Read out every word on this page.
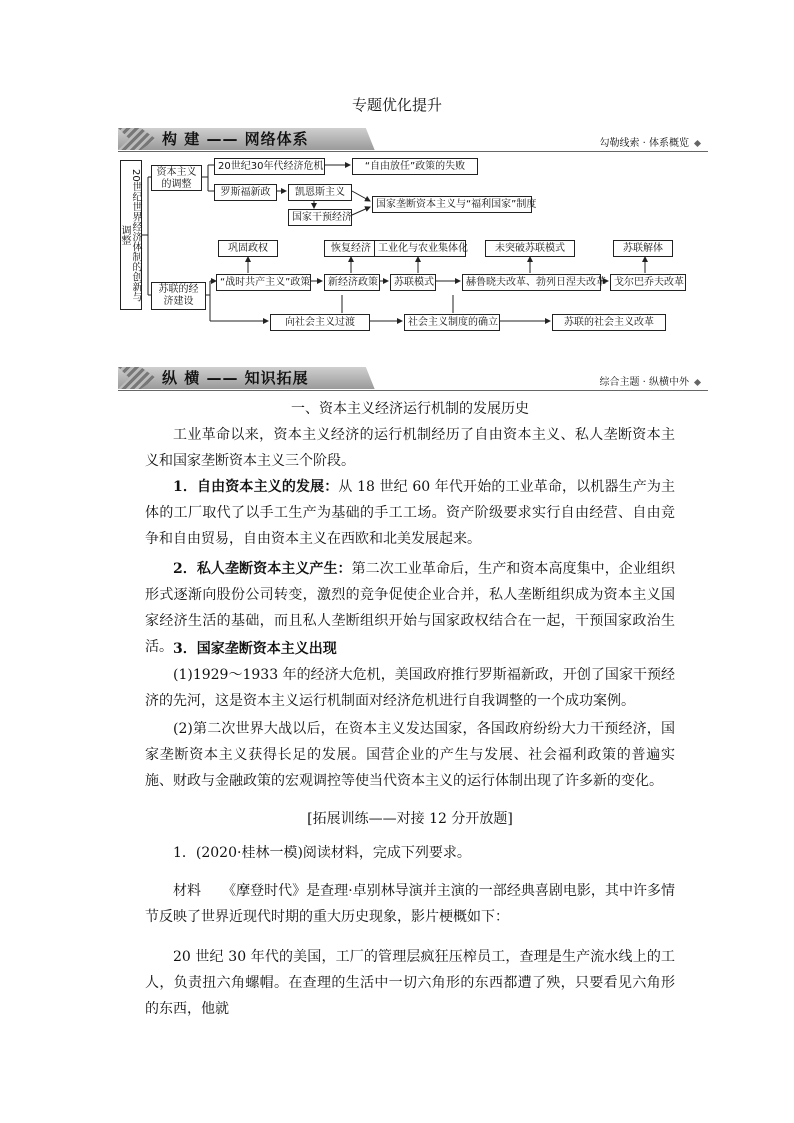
专题优化提升
构 建 —— 网络体系	勾勒线索 · 体系概览
20世纪世界经济体制的创新与调整
资本主义的调整
20世纪30年代经济危机	“自由放任”政策的失败
罗斯福新政	凯恩斯主义
国家干预经济
国家垄断资本主义与“福利国家”制度
苏联的经济建设
巩固政权	恢复经济 工业化与农业集体化	未突破苏联模式	苏联解体
“战时共产主义”政策	新经济政策	苏联模式	赫鲁晓夫改革、勃列日涅夫改革 戈尔巴乔夫改革
向社会主义过渡	社会主义制度的确立	苏联的社会主义改革
纵 横 —— 知识拓展	综合主题 · 纵横中外
一、资本主义经济运行机制的发展历史
工业革命以来，资本主义经济的运行机制经历了自由资本主义、私人垄断资本主义和国家垄断资本主义三个阶段。
1．自由资本主义的发展：从 18 世纪 60 年代开始的工业革命，以机器生产为主体的工厂取代了以手工生产为基础的手工工场。资产阶级要求实行自由经营、自由竞争和自由贸易，自由资本主义在西欧和北美发展起来。
2．私人垄断资本主义产生：第二次工业革命后，生产和资本高度集中，企业组织形式逐渐向股份公司转变，激烈的竞争促使企业合并，私人垄断组织成为资本主义国家经济生活的基础，而且私人垄断组织开始与国家政权结合在一起，干预国家政治生活。 3．国家垄断资本主义出现
(1)1929～1933 年的经济大危机，美国政府推行罗斯福新政，开创了国家干预经济的先河，这是资本主义运行机制面对经济危机进行自我调整的一个成功案例。
(2)第二次世界大战以后，在资本主义发达国家，各国政府纷纷大力干预经济，国家垄断资本主义获得长足的发展。国营企业的产生与发展、社会福利政策的普遍实施、财政与金融政策的宏观调控等使当代资本主义的运行体制出现了许多新的变化。
[拓展训练——对接 12 分开放题]
1．(2020·桂林一模)阅读材料，完成下列要求。
材料　　 《摩登时代》是查理·卓别林导演并主演的一部经典喜剧电影，其中许多情节反映了世界近现代时期的重大历史现象，影片梗概如下：
20 世纪 30 年代的美国，工厂的管理层疯狂压榨员工，查理是生产流水线上的工人，负责扭六角螺帽。在查理的生活中一切六角形的东西都遭了殃，只要看见六角形的东西，他就
